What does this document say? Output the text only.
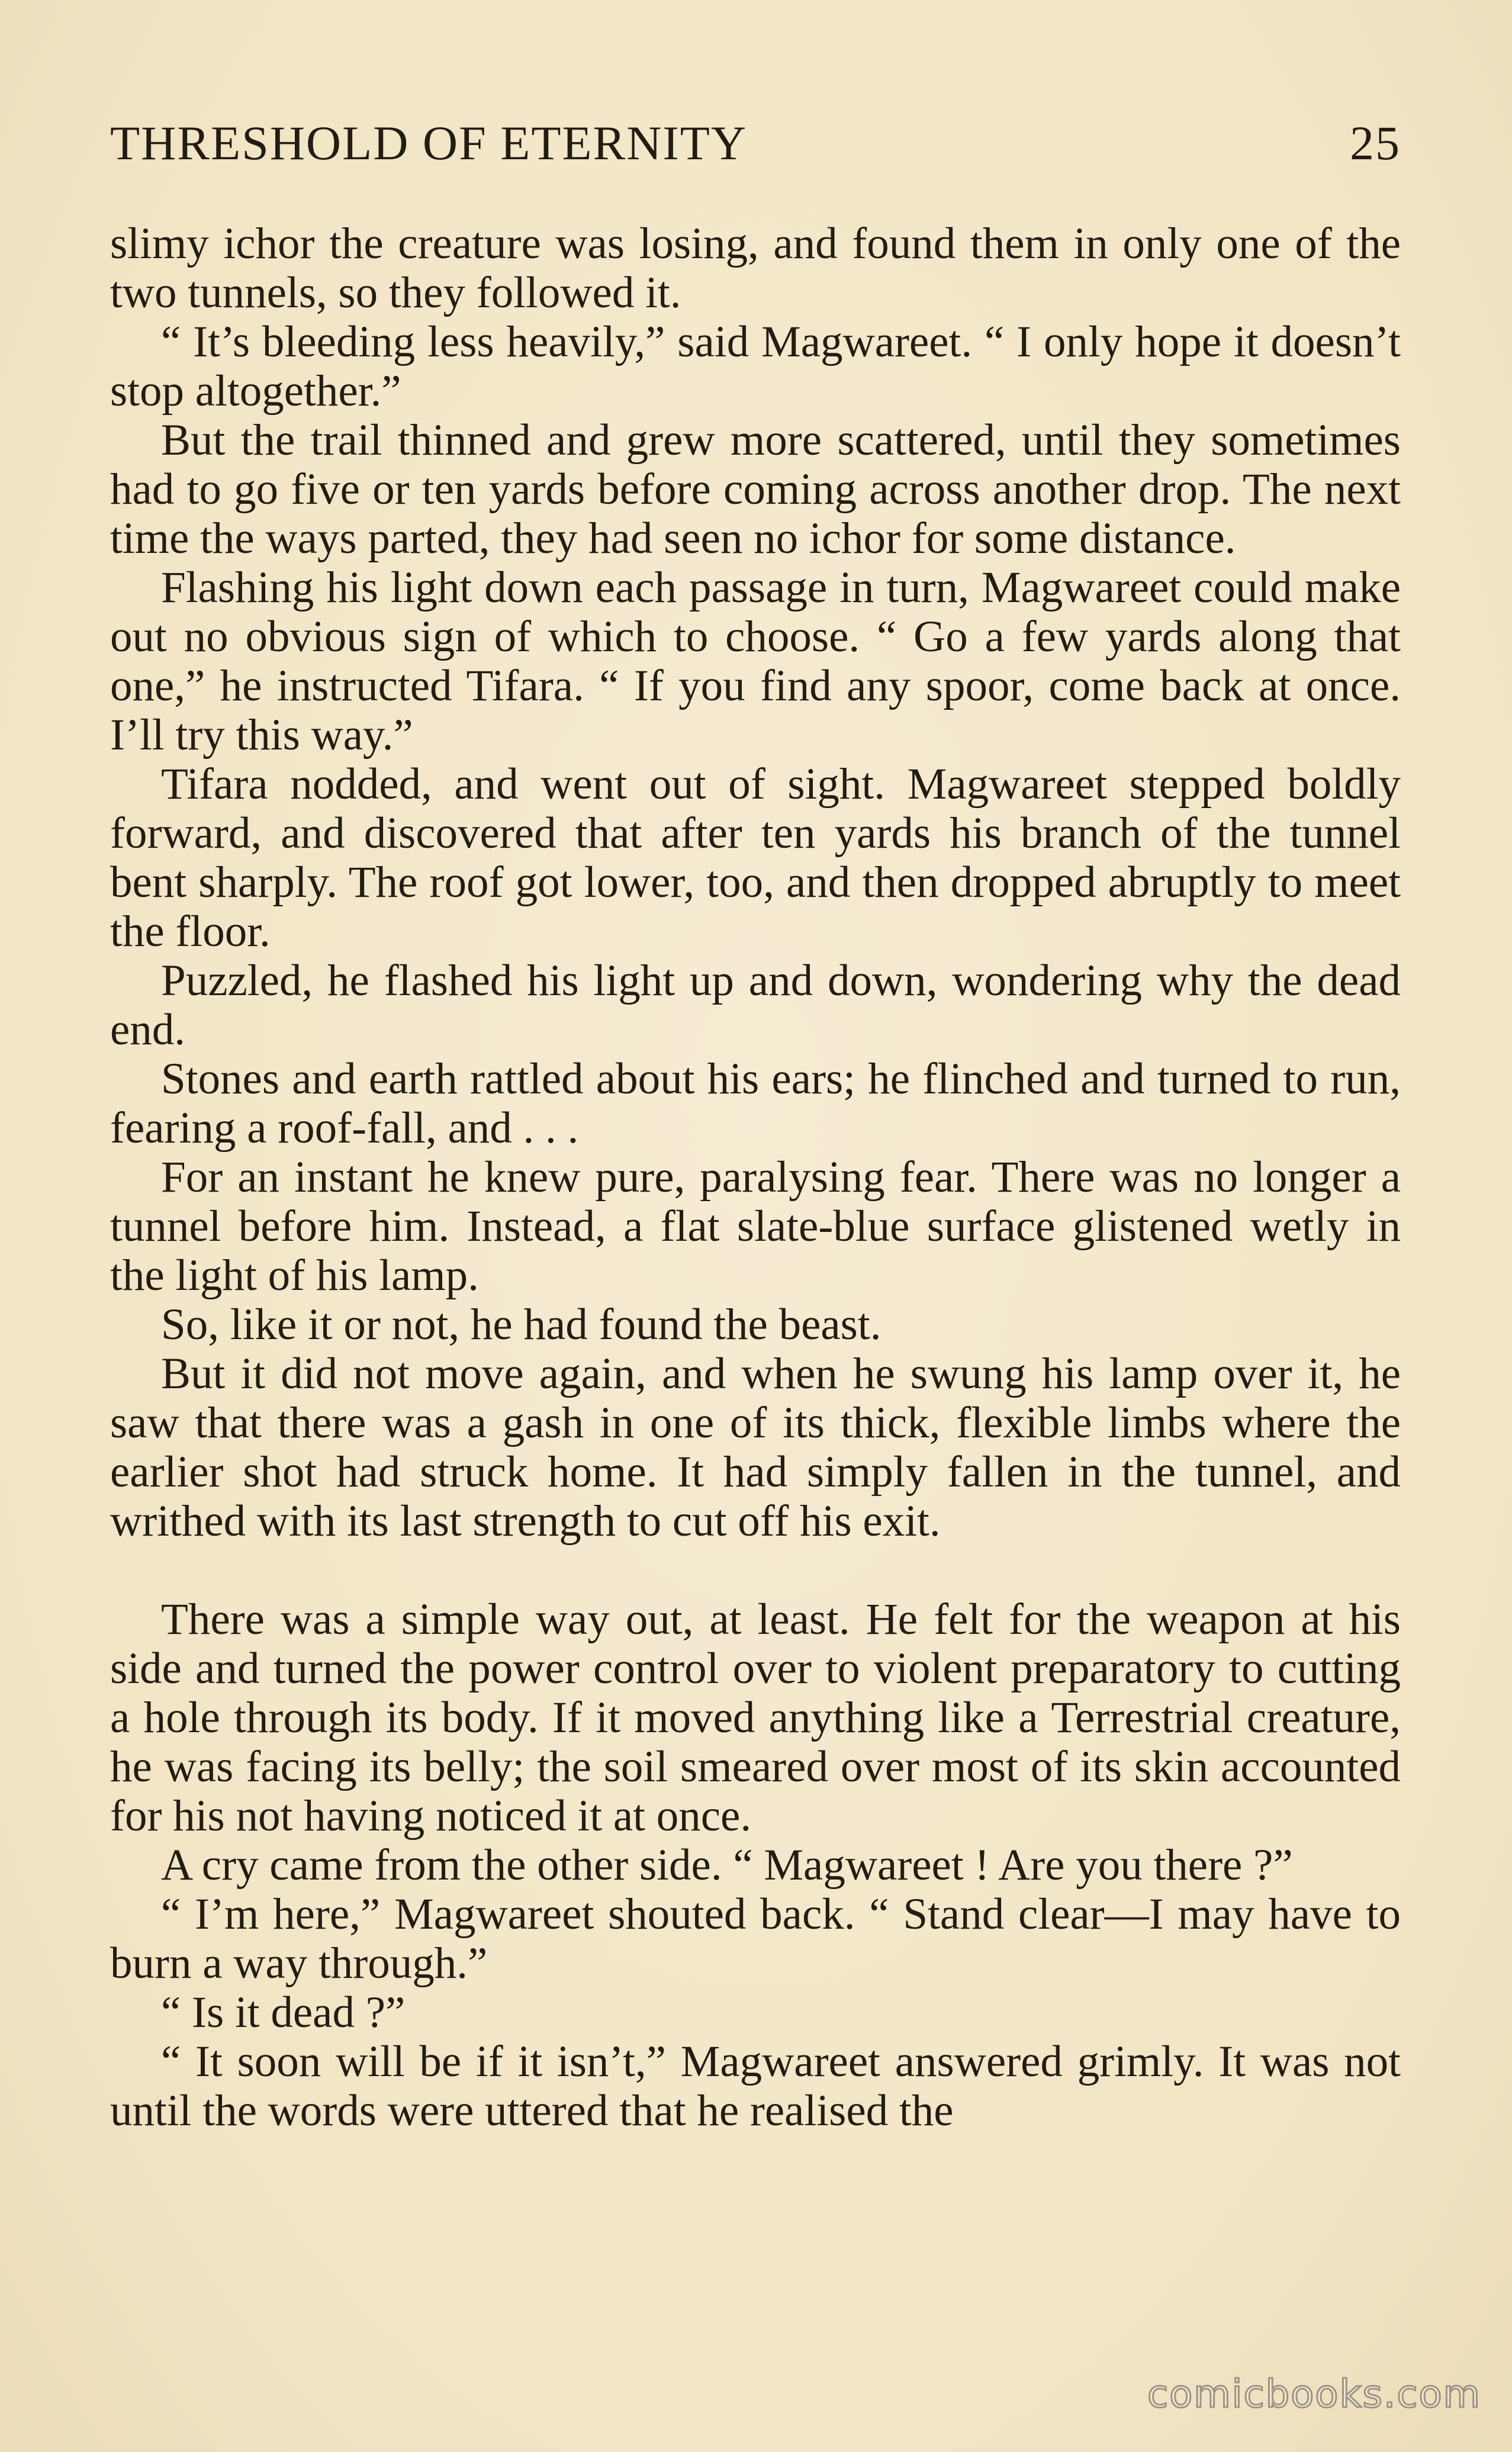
THRESHOLD OF ETERNITY	25

slimy ichor the creature was losing, and found them in only one of the two tunnels, so they followed it.

“ It’s bleeding less heavily,” said Magwareet. “ I only hope it doesn’t stop altogether.”

But the trail thinned and grew more scattered, until they sometimes had to go five or ten yards before coming across another drop. The next time the ways parted, they had seen no ichor for some distance.

Flashing his light down each passage in turn, Magwareet could make out no obvious sign of which to choose. “ Go a few yards along that one,” he instructed Tifara. “ If you find any spoor, come back at once. I’ll try this way.”

Tifara nodded, and went out of sight. Magwareet stepped boldly forward, and discovered that after ten yards his branch of the tunnel bent sharply. The roof got lower, too, and then dropped abruptly to meet the floor.

Puzzled, he flashed his light up and down, wondering why the dead end.

Stones and earth rattled about his ears; he flinched and turned to run, fearing a roof-fall, and . . .

For an instant he knew pure, paralysing fear. There was no longer a tunnel before him. Instead, a flat slate-blue surface glistened wetly in the light of his lamp.

So, like it or not, he had found the beast.

But it did not move again, and when he swung his lamp over it, he saw that there was a gash in one of its thick, flexible limbs where the earlier shot had struck home. It had simply fallen in the tunnel, and writhed with its last strength to cut off his exit.

There was a simple way out, at least. He felt for the weapon at his side and turned the power control over to violent preparatory to cutting a hole through its body. If it moved anything like a Terrestrial creature, he was facing its belly; the soil smeared over most of its skin accounted for his not having noticed it at once.

A cry came from the other side. “ Magwareet ! Are you there ?”

“ I’m here,” Magwareet shouted back. “ Stand clear—I may have to burn a way through.”

“ Is it dead ?”

“ It soon will be if it isn’t,” Magwareet answered grimly. It was not until the words were uttered that he realised the

comicbooks.com
